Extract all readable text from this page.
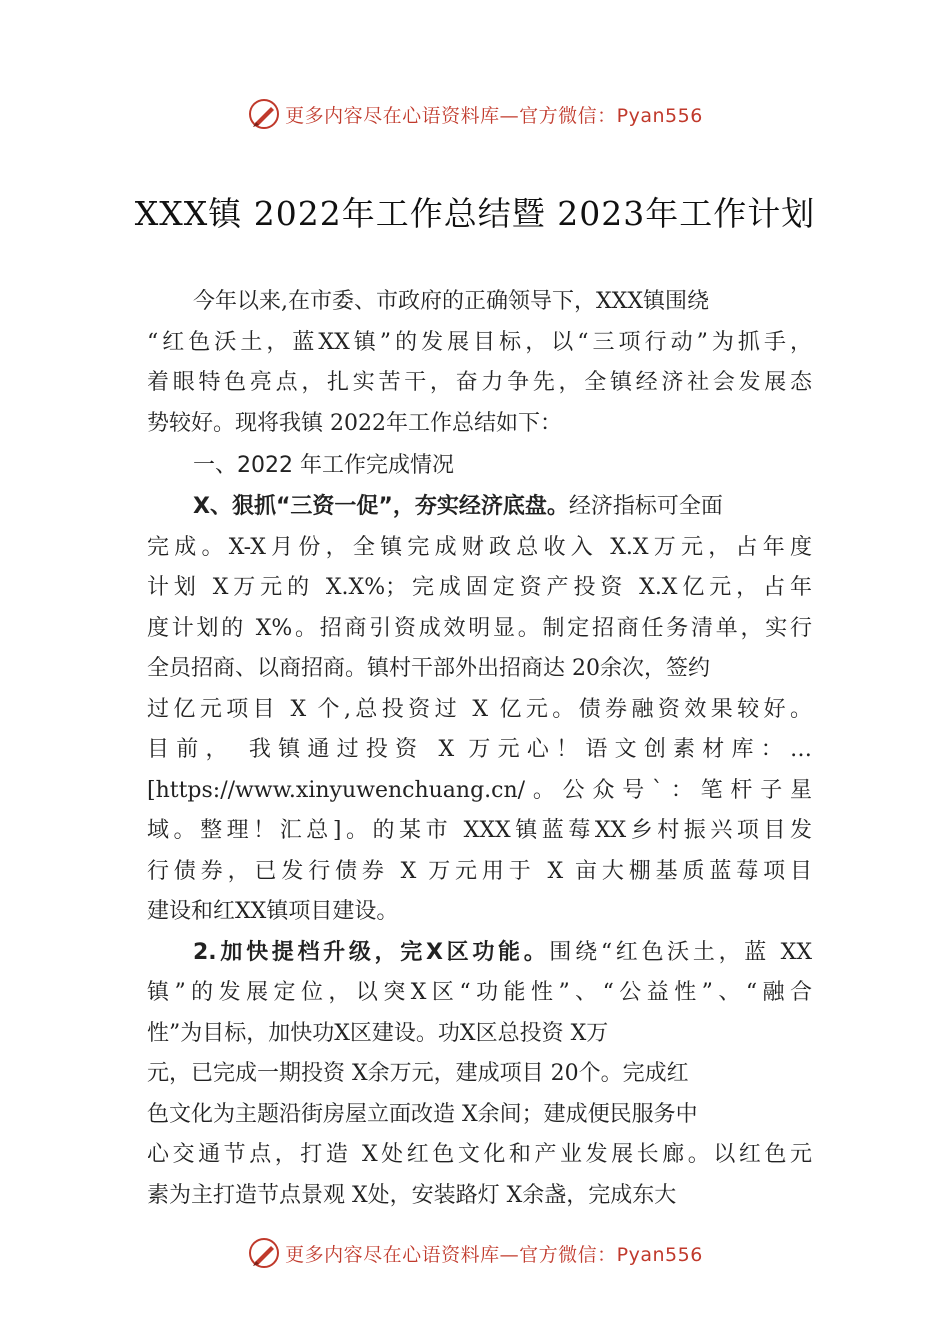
更多内容尽在心语资料库—官方微信：Pyan556
XXX镇 2022年工作总结暨 2023年工作计划
今年以来,在市委、市政府的正确领导下，XXX镇围绕
“红色沃土，蓝XX镇”的发展目标，以“三项行动”为抓手，
着眼特色亮点，扎实苦干，奋力争先，全镇经济社会发展态
势较好。现将我镇 2022年工作总结如下：
一、2022 年工作完成情况
X、狠抓“三资一促”，夯实经济底盘。经济指标可全面
完成。X-X月份，全镇完成财政总收入 X.X万元，占年度
计划 X万元的 X.X%；完成固定资产投资 X.X亿元，占年
度计划的 X%。招商引资成效明显。制定招商任务清单，实行
全员招商、以商招商。镇村干部外出招商达 20余次，签约
过亿元项目 X 个,总投资过 X 亿元。债券融资效果较好。
目前， 我镇通过投资 X 万元心！语文创素材库：…
[https://www.xinyuwenchuang.cn/。公众号`：笔杆子星
域。整理！汇总]。的某市 XXX镇蓝莓XX乡村振兴项目发
行债券，已发行债券 X 万元用于 X 亩大棚基质蓝莓项目
建设和红XX镇项目建设。
2.加快提档升级，完X区功能。围绕“红色沃土，蓝 XX
镇”的发展定位，以突X区“功能性”、“公益性”、“融合
性”为目标，加快功X区建设。功X区总投资 X万
元，已完成一期投资 X余万元，建成项目 20个。完成红
色文化为主题沿街房屋立面改造 X余间；建成便民服务中
心交通节点，打造 X处红色文化和产业发展长廊。以红色元
素为主打造节点景观 X处，安装路灯 X余盏，完成东大
更多内容尽在心语资料库—官方微信：Pyan556
